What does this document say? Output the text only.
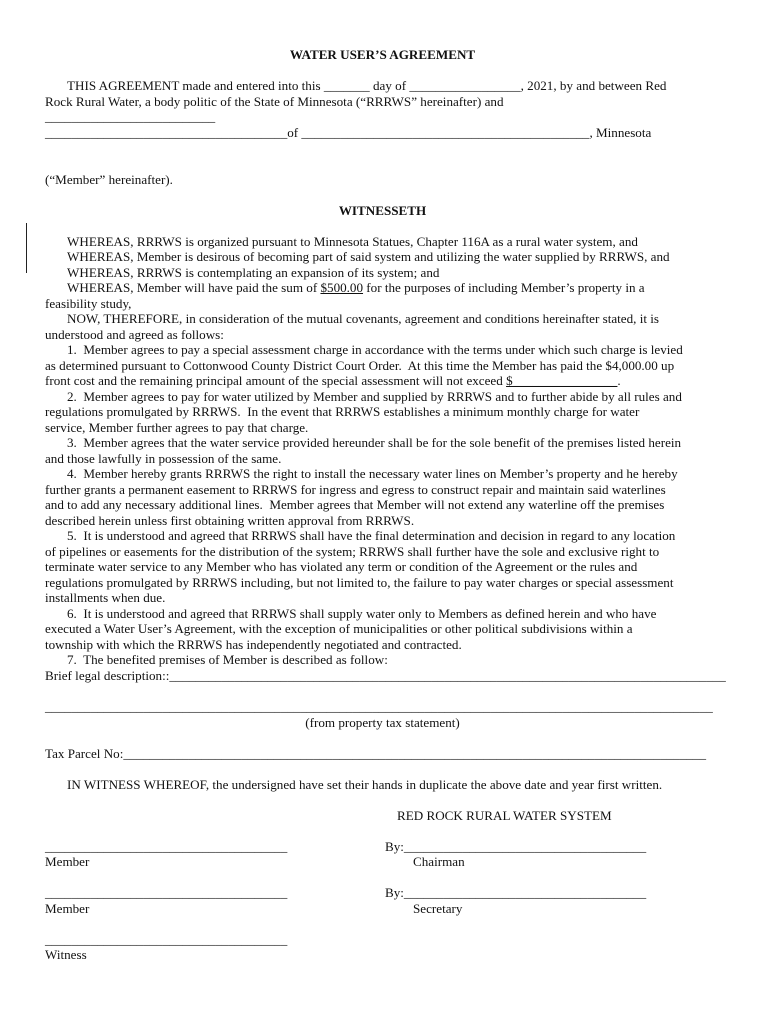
WATER USER’S AGREEMENT
THIS AGREEMENT made and entered into this _______ day of _________________, 2021, by and between Red
Rock Rural Water, a body politic of the State of Minnesota (“RRRWS” hereinafter) and
__________________________
_____________________________________of ____________________________________________, Minnesota
(“Member” hereinafter).
WITNESSETH
WHEREAS, RRRWS is organized pursuant to Minnesota Statues, Chapter 116A as a rural water system, and
WHEREAS, Member is desirous of becoming part of said system and utilizing the water supplied by RRRWS, and
WHEREAS, RRRWS is contemplating an expansion of its system; and
WHEREAS, Member will have paid the sum of $500.00 for the purposes of including Member’s property in a
feasibility study,
NOW, THEREFORE, in consideration of the mutual covenants, agreement and conditions hereinafter stated, it is
understood and agreed as follows:
1.  Member agrees to pay a special assessment charge in accordance with the terms under which such charge is levied
as determined pursuant to Cottonwood County District Court Order.  At this time the Member has paid the $4,000.00 up
front cost and the remaining principal amount of the special assessment will not exceed $________________.
2.  Member agrees to pay for water utilized by Member and supplied by RRRWS and to further abide by all rules and
regulations promulgated by RRRWS.  In the event that RRRWS establishes a minimum monthly charge for water
service, Member further agrees to pay that charge.
3.  Member agrees that the water service provided hereunder shall be for the sole benefit of the premises listed herein
and those lawfully in possession of the same.
4.  Member hereby grants RRRWS the right to install the necessary water lines on Member’s property and he hereby
further grants a permanent easement to RRRWS for ingress and egress to construct repair and maintain said waterlines
and to add any necessary additional lines.  Member agrees that Member will not extend any waterline off the premises
described herein unless first obtaining written approval from RRRWS.
5.  It is understood and agreed that RRRWS shall have the final determination and decision in regard to any location
of pipelines or easements for the distribution of the system; RRRWS shall further have the sole and exclusive right to
terminate water service to any Member who has violated any term or condition of the Agreement or the rules and
regulations promulgated by RRRWS including, but not limited to, the failure to pay water charges or special assessment
installments when due.
6.  It is understood and agreed that RRRWS shall supply water only to Members as defined herein and who have
executed a Water User’s Agreement, with the exception of municipalities or other political subdivisions within a
township with which the RRRWS has independently negotiated and contracted.
7.  The benefited premises of Member is described as follow:
Brief legal description::_____________________________________________________________________________________
______________________________________________________________________________________________________
(from property tax statement)
Tax Parcel No:_________________________________________________________________________________________
IN WITNESS WHEREOF, the undersigned have set their hands in duplicate the above date and year first written.
RED ROCK RURAL WATER SYSTEM
_____________________________________
Member
By:_____________________________________
Chairman
_____________________________________
Member
By:_____________________________________
Secretary
_____________________________________
Witness
